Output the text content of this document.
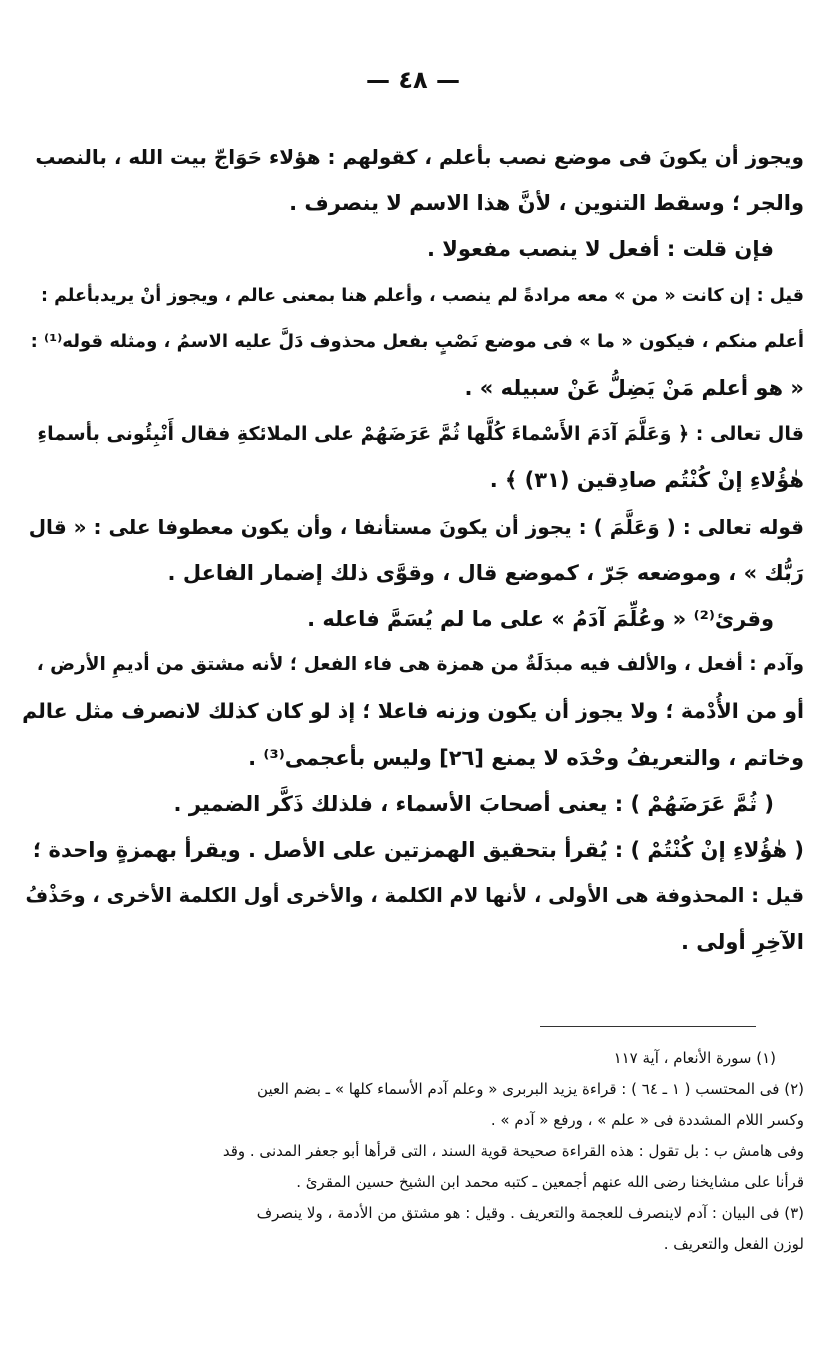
— ٤٨ —

ويجوز أن يكونَ فى موضع نصب بأعلم ، كقولهم : هؤلاء حَوَاجّ بيت الله ، بالنصب
والجر ؛ وسقط التنوين ، لأنَّ هذا الاسم لا ينصرف .

فإن قلت : أفعل لا ينصب مفعولا .

قيل : إن كانت « من » معه مرادةً لم ينصب ، وأعلم هنا بمعنى عالم ، ويجوز أنْ يريدبأعلم :
أعلم منكم ، فيكون « ما » فى موضع نَصْبٍ بفعل محذوف دَلَّ عليه الاسمُ ، ومثله قوله⁽¹⁾ :
« هو أعلم مَنْ يَضِلُّ عَنْ سبيله » .

قال تعالى : ﴿ وَعَلَّمَ آدَمَ الأَسْماءَ كُلَّها ثُمَّ عَرَضَهُمْ على الملائكةِ فقال أَنْبِئُونى بأسماءِ
هٰؤُلاءِ إنْ كُنْتُم صادِقين (٣١) ﴾ .

قوله تعالى : ( وَعَلَّمَ ) : يجوز أن يكونَ مستأنفا ، وأن يكون معطوفا على : « قال
رَبُّك » ، وموضعه جَرّ ، كموضع قال ، وقوَّى ذلك إضمار الفاعل .

وقرئ⁽²⁾ « وعُلِّمَ آدَمُ » على ما لم يُسَمَّ فاعله .

وآدم : أفعل ، والألف فيه مبدَلَةٌ من همزة هى فاء الفعل ؛ لأنه مشتق من أديمِ الأرض ،
أو من الأُدْمة ؛ ولا يجوز أن يكون وزنه فاعلا ؛ إذ لو كان كذلك لانصرف مثل عالم
وخاتم ، والتعريفُ وحْدَه لا يمنع [٢٦] وليس بأعجمى⁽³⁾ .

( ثُمَّ عَرَضَهُمْ ) : يعنى أصحابَ الأسماء ، فلذلك ذَكَّر الضمير .

( هٰؤُلاءِ إنْ كُنْتُمْ ) : يُقرأ بتحقيق الهمزتين على الأصل . ويقرأ بهمزةٍ واحدة ؛
قيل : المحذوفة هى الأولى ، لأنها لام الكلمة ، والأخرى أول الكلمة الأخرى ، وحَذْفُ
الآخِرِ أولى .

(١) سورة الأنعام ، آية ١١٧

(٢) فى المحتسب ( ١ ـ ٦٤ ) : قراءة يزيد البربرى « وعلم آدم الأسماء كلها » ـ بضم العين
وكسر اللام المشددة فى « علم » ، ورفع « آدم » .

وفى هامش ب : بل تقول : هذه القراءة صحيحة قوية السند ، التى قرأها أبو جعفر المدنى . وقد
قرأنا على مشايخنا رضى الله عنهم أجمعين ـ كتبه محمد ابن الشيخ حسين المقرئ .

(٣) فى البيان : آدم لاينصرف للعجمة والتعريف . وقيل : هو مشتق من الأدمة ، ولا ينصرف
لوزن الفعل والتعريف .
